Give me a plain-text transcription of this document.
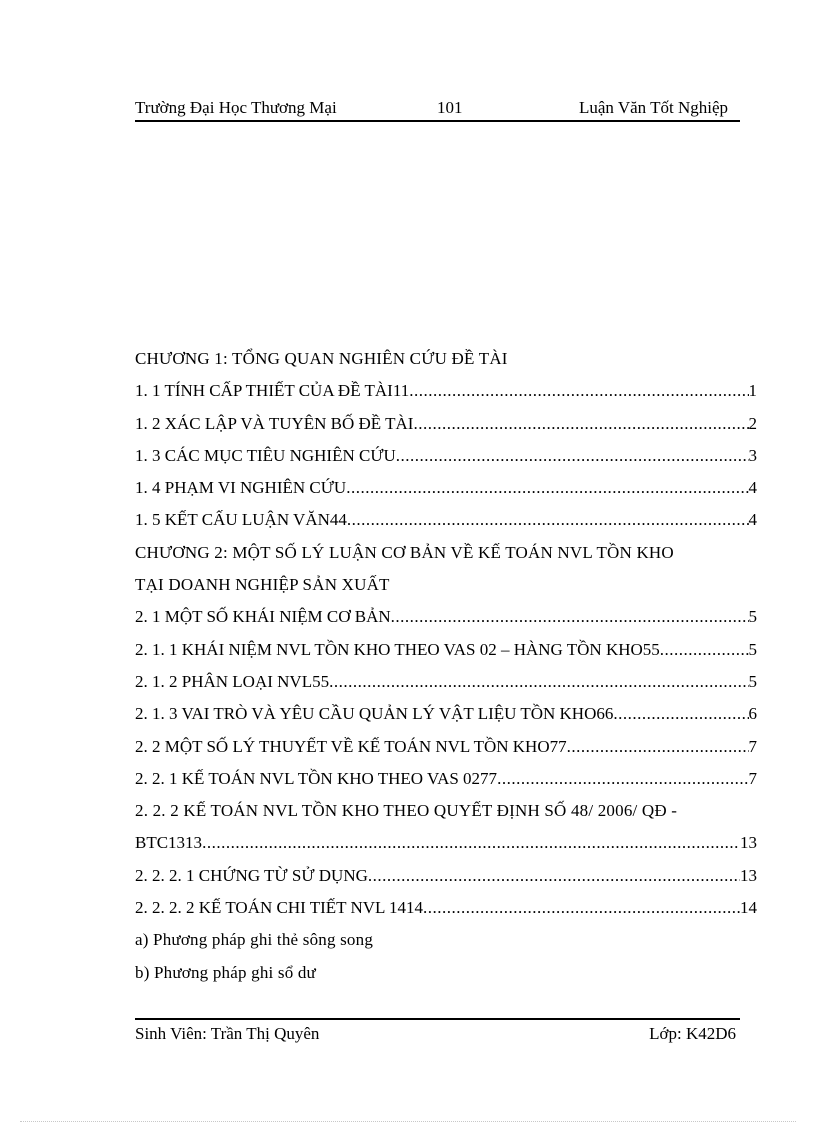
Trường Đại Học Thương Mại	101	Luận Văn Tốt Nghiệp
CHƯƠNG 1: TỔNG QUAN NGHIÊN CỨU ĐỀ TÀI
1. 1 TÍNH CẤP THIẾT CỦA ĐỀ TÀI11 .....	1
1. 2 XÁC LẬP VÀ TUYÊN BỐ ĐỀ TÀI .....	2
1. 3 CÁC MỤC TIÊU NGHIÊN CỨU .....	3
1. 4 PHẠM VI NGHIÊN CỨU .....	4
1. 5 KẾT CẤU LUẬN VĂN44 .....	4
CHƯƠNG 2: MỘT SỐ LÝ LUẬN CƠ BẢN VỀ KẾ TOÁN NVL TỒN KHO
TẠI DOANH NGHIỆP SẢN XUẤT
2. 1 MỘT SỐ KHÁI NIỆM CƠ BẢN .....	5
2. 1. 1 KHÁI NIỆM NVL TỒN KHO THEO VAS 02 – HÀNG TỒN KHO55 .....	5
2. 1. 2 PHÂN LOẠI NVL55 .....	5
2. 1. 3 VAI TRÒ VÀ YÊU CẦU QUẢN LÝ VẬT LIỆU TỒN KHO66 .....	6
2. 2 MỘT SỐ LÝ THUYẾT VỀ KẾ TOÁN NVL TỒN KHO77 .....	7
2. 2. 1 KẾ TOÁN NVL TỒN KHO THEO VAS 0277 .....	7
2. 2. 2 KẾ TOÁN NVL TỒN KHO THEO QUYẾT ĐỊNH SỐ 48/ 2006/ QĐ -
BTC1313 .....	13
2. 2. 2. 1 CHỨNG TỪ SỬ DỤNG .....	13
2. 2. 2. 2 KẾ TOÁN CHI TIẾT NVL 1414 .....	14
a) Phương pháp ghi thẻ sông song
b) Phương pháp ghi sổ dư
Sinh Viên: Trần Thị Quyên	Lớp: K42D6
